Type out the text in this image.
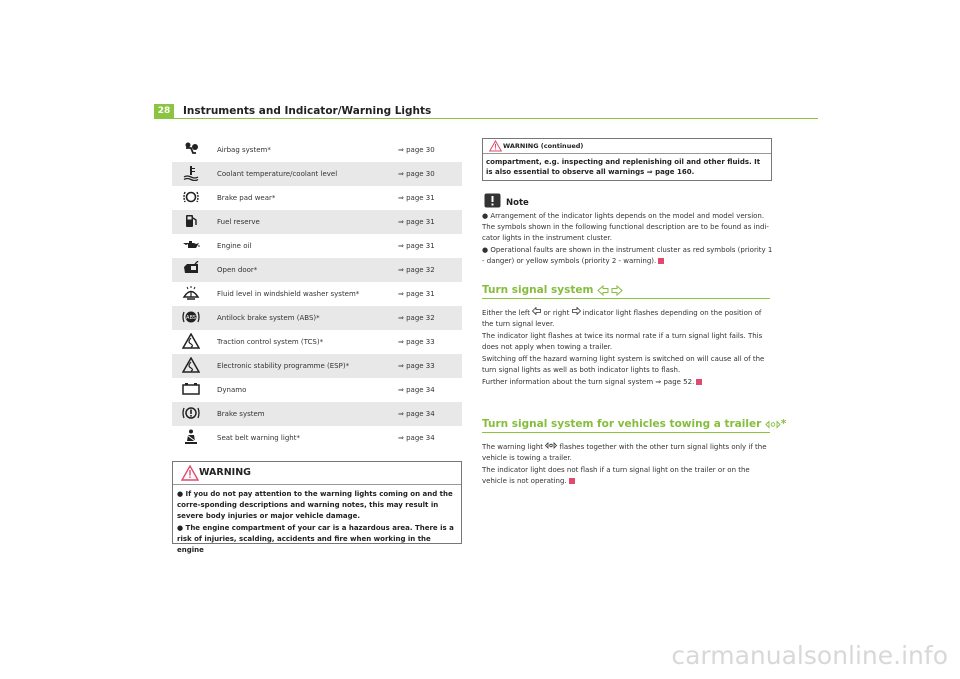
28	Instruments and Indicator/Warning Lights
Airbag system*	⇒ page 30
Coolant temperature/coolant level	⇒ page 30
Brake pad wear*	⇒ page 31
Fuel reserve	⇒ page 31
Engine oil	⇒ page 31
Open door*	⇒ page 32
Fluid level in windshield washer system*	⇒ page 31
ABS	Antilock brake system (ABS)*	⇒ page 32
Traction control system (TCS)*	⇒ page 33
Electronic stability programme (ESP)*	⇒ page 33
Dynamo	⇒ page 34
Brake system	⇒ page 34
Seat belt warning light*	⇒ page 34
WARNING

● If you do not pay attention to the warning lights coming on and the corre-sponding descriptions and warning notes, this may result in severe body injuries or major vehicle damage.

● The engine compartment of your car is a hazardous area. There is a risk of injuries, scalding, accidents and fire when working in the engine

WARNING (continued)
compartment, e.g. inspecting and replenishing oil and other fluids. It is also essential to observe all warnings ⇒ page 160.
Note

● Arrangement of the indicator lights depends on the model and model version. The symbols shown in the following functional description are to be found as indi-cator lights in the instrument cluster.

● Operational faults are shown in the instrument cluster as red symbols (priority 1 - danger) or yellow symbols (priority 2 - warning).

Turn signal system

Either the left or right indicator light flashes depending on the position of the turn signal lever.

The indicator light flashes at twice its normal rate if a turn signal light fails. This does not apply when towing a trailer.

Switching off the hazard warning light system is switched on will cause all of the turn signal lights as well as both indicator lights to flash.

Further information about the turn signal system ⇒ page 52.

Turn signal system for vehicles towing a trailer *

The warning light flashes together with the other turn signal lights only if the vehicle is towing a trailer.

The indicator light does not flash if a turn signal light on the trailer or on the vehicle is not operating.

carmanualsonline.info
